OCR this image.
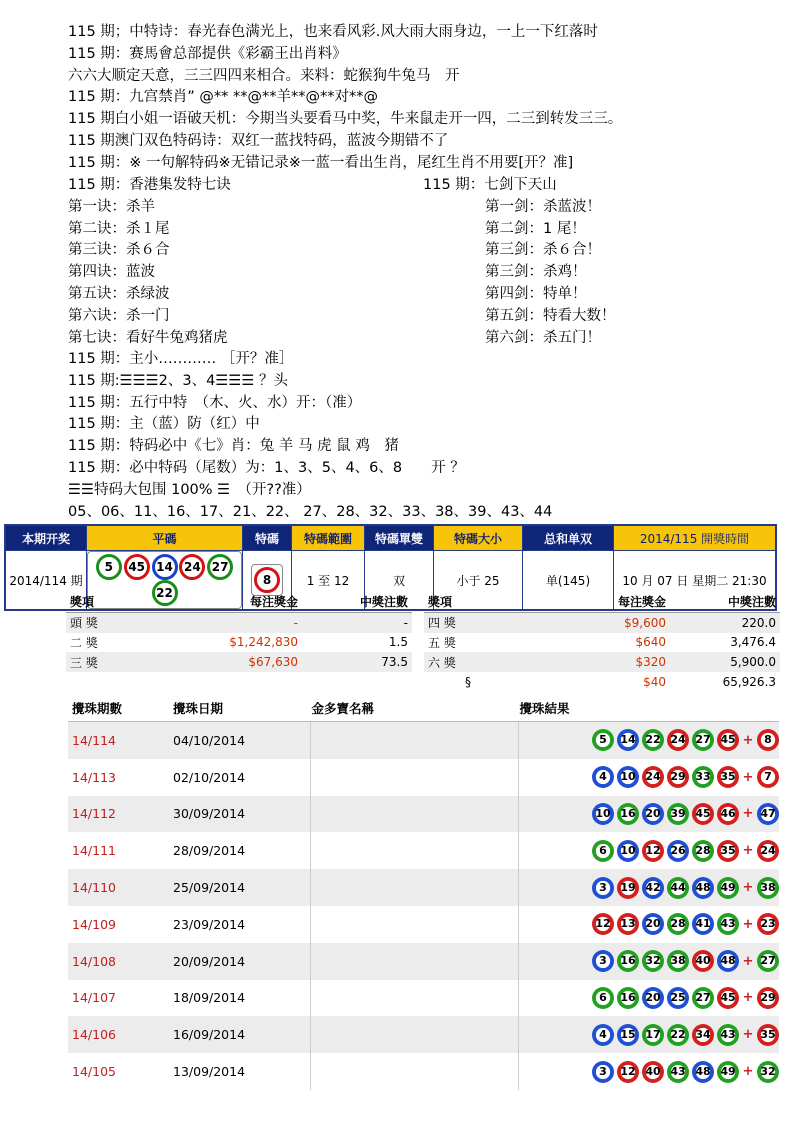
115 期；中特诗：春光春色满光上，也来看风彩.风大雨大雨身边，一上一下红落时
115 期：赛馬會总部提供《彩霸王出肖料》
六六大顺定天意，三三四四来相合。来料：蛇猴狗牛兔马　开
115 期：九宫禁肖” @** **@**羊**@**对**@
115 期白小姐一语破天机：今期当头要看马中奖，牛来鼠走开一四，二三到转发三三。
115 期澳门双色特码诗：双红一蓝找特码，蓝波今期错不了
115 期：※ 一句解特码※无错记录※一蓝一看出生肖，尾红生肖不用要[开？准]
115 期：香港集发特七诀
第一诀：杀羊
第二诀：杀１尾
第三诀：杀６合
第四诀：蓝波
第五诀：杀绿波
第六诀：杀一门
第七诀：看好牛兔鸡猪虎
115 期：七剑下天山
第一剑：杀蓝波！
第二剑：1 尾！
第三剑：杀６合！
第三剑：杀鸡！
第四剑：特单！
第五剑：特看大数！
第六剑：杀五门！
115 期：主小………… ［开？准］
115 期:☰☰☰2、3、4☰☰☰ ？头
115 期：五行中特　（木、火、水）开：（准）
115 期：主（蓝）防（红）中
115 期：特码必中《七》肖：兔 羊 马 虎 鼠 鸡　猪
115 期：必中特码（尾数）为：1、3、5、4、6、8　　开 ？
☰☰特码大包围 100% ☰　（开??准）
05、06、11、16、17、21、22、 27、28、32、33、38、39、43、44
本期开奖	平碼	特碼	特碼範圍	特碼單雙	特碼大小	总和单双	2014/115 開獎時間
2014/114 期	5 45 14 24 27 22	8	1 至 12	双	小于 25	单(145)	10 月 07 日 星期二 21:30
獎項	每注獎金	中獎注數
頭 獎	-	-
二 獎	$1,242,830	1.5
三 獎	$67,630	73.5
獎項	每注獎金	中獎注數
四 獎	$9,600	220.0
五 獎	$640	3,476.4
六 獎	$320	5,900.0
§	$40	65,926.3
攪珠期數	攪珠日期	金多寶名稱	攪珠結果
14/114	04/10/2014		5 14 22 24 27 45 + 8
14/113	02/10/2014		4 10 24 29 33 35 + 7
14/112	30/09/2014		10 16 20 39 45 46 + 47
14/111	28/09/2014		6 10 12 26 28 35 + 24
14/110	25/09/2014		3 19 42 44 48 49 + 38
14/109	23/09/2014		12 13 20 28 41 43 + 23
14/108	20/09/2014		3 16 32 38 40 48 + 27
14/107	18/09/2014		6 16 20 25 27 45 + 29
14/106	16/09/2014		4 15 17 22 34 43 + 35
14/105	13/09/2014		3 12 40 43 48 49 + 32
